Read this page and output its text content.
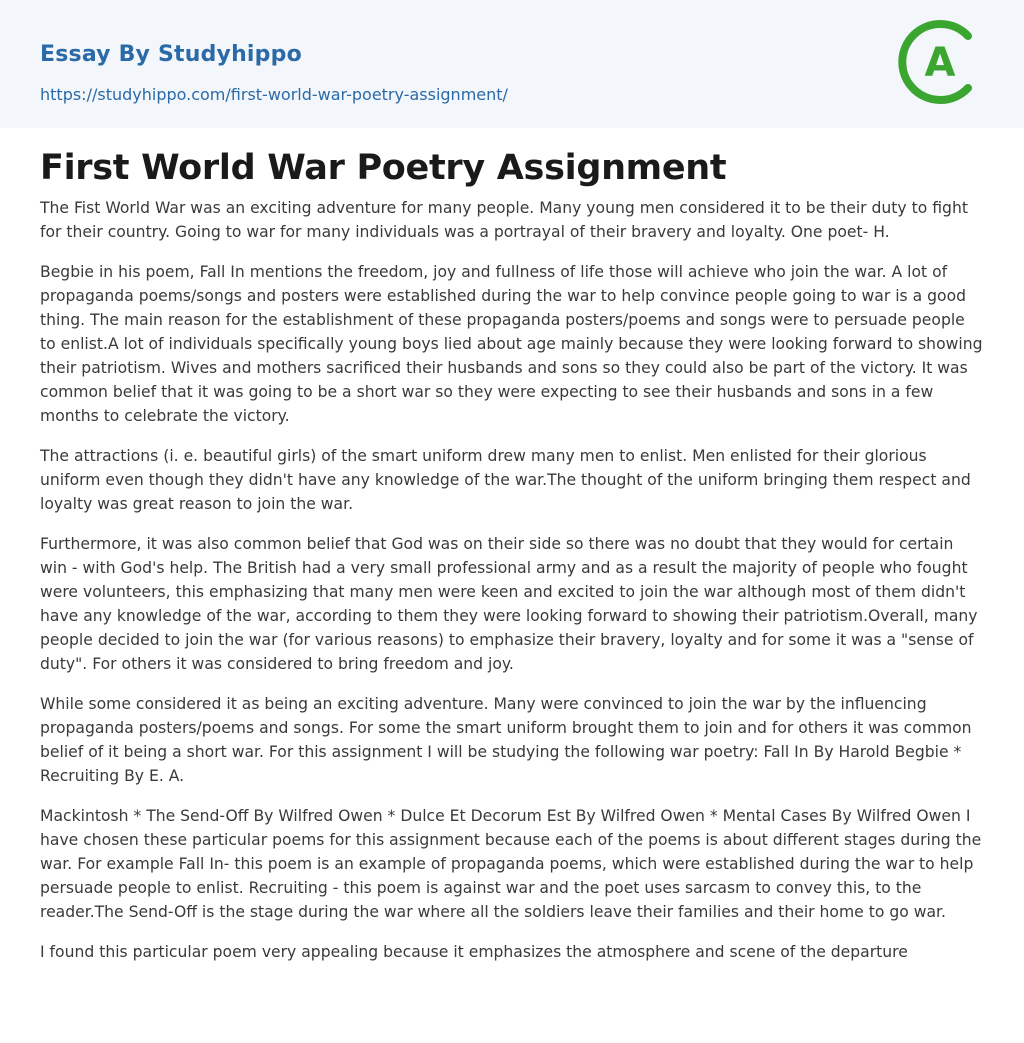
Essay By Studyhippo
https://studyhippo.com/first-world-war-poetry-assignment/
A
First World War Poetry Assignment

The Fist World War was an exciting adventure for many people. Many young men considered it to be their duty to fight for their country. Going to war for many individuals was a portrayal of their bravery and loyalty. One poet- H.

Begbie in his poem, Fall In mentions the freedom, joy and fullness of life those will achieve who join the war. A lot of propaganda poems/songs and posters were established during the war to help convince people going to war is a good thing. The main reason for the establishment of these propaganda posters/poems and songs were to persuade people to enlist.A lot of individuals specifically young boys lied about age mainly because they were looking forward to showing their patriotism. Wives and mothers sacrificed their husbands and sons so they could also be part of the victory. It was common belief that it was going to be a short war so they were expecting to see their husbands and sons in a few months to celebrate the victory.

The attractions (i. e. beautiful girls) of the smart uniform drew many men to enlist. Men enlisted for their glorious uniform even though they didn't have any knowledge of the war.The thought of the uniform bringing them respect and loyalty was great reason to join the war.

Furthermore, it was also common belief that God was on their side so there was no doubt that they would for certain win - with God's help. The British had a very small professional army and as a result the majority of people who fought were volunteers, this emphasizing that many men were keen and excited to join the war although most of them didn't have any knowledge of the war, according to them they were looking forward to showing their patriotism.Overall, many people decided to join the war (for various reasons) to emphasize their bravery, loyalty and for some it was a "sense of duty". For others it was considered to bring freedom and joy.

While some considered it as being an exciting adventure. Many were convinced to join the war by the influencing propaganda posters/poems and songs. For some the smart uniform brought them to join and for others it was common belief of it being a short war. For this assignment I will be studying the following war poetry: Fall In By Harold Begbie * Recruiting By E. A.

Mackintosh * The Send-Off By Wilfred Owen * Dulce Et Decorum Est By Wilfred Owen * Mental Cases By Wilfred Owen I have chosen these particular poems for this assignment because each of the poems is about different stages during the war. For example Fall In- this poem is an example of propaganda poems, which were established during the war to help persuade people to enlist. Recruiting - this poem is against war and the poet uses sarcasm to convey this, to the reader.The Send-Off is the stage during the war where all the soldiers leave their families and their home to go war.

I found this particular poem very appealing because it emphasizes the atmosphere and scene of the departure
